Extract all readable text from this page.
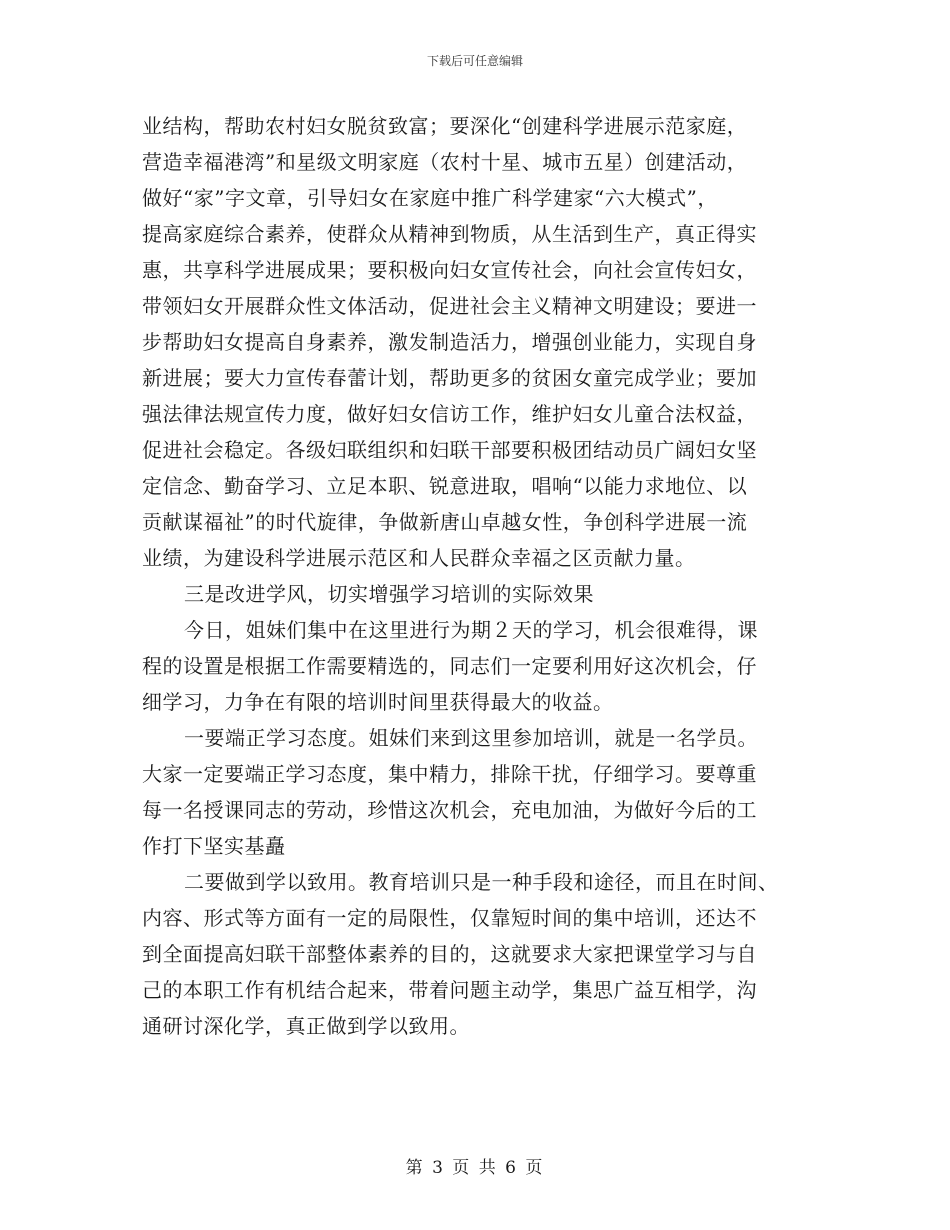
下载后可任意编辑
业结构，帮助农村妇女脱贫致富；要深化“创建科学进展示范家庭，
营造幸福港湾”和星级文明家庭（农村十星、城市五星）创建活动，
做好“家”字文章，引导妇女在家庭中推广科学建家“六大模式”，
提高家庭综合素养，使群众从精神到物质，从生活到生产，真正得实
惠，共享科学进展成果；要积极向妇女宣传社会，向社会宣传妇女，
带领妇女开展群众性文体活动，促进社会主义精神文明建设；要进一
步帮助妇女提高自身素养，激发制造活力，增强创业能力，实现自身
新进展；要大力宣传春蕾计划，帮助更多的贫困女童完成学业；要加
强法律法规宣传力度，做好妇女信访工作，维护妇女儿童合法权益，
促进社会稳定。各级妇联组织和妇联干部要积极团结动员广阔妇女坚
定信念、勤奋学习、立足本职、锐意进取，唱响“以能力求地位、以
贡献谋福祉”的时代旋律，争做新唐山卓越女性，争创科学进展一流
业绩，为建设科学进展示范区和人民群众幸福之区贡献力量。
三是改进学风，切实增强学习培训的实际效果
今日，姐妹们集中在这里进行为期２天的学习，机会很难得，课
程的设置是根据工作需要精选的，同志们一定要利用好这次机会，仔
细学习，力争在有限的培训时间里获得最大的收益。
一要端正学习态度。姐妹们来到这里参加培训，就是一名学员。
大家一定要端正学习态度，集中精力，排除干扰，仔细学习。要尊重
每一名授课同志的劳动，珍惜这次机会，充电加油，为做好今后的工
作打下坚实基矗
二要做到学以致用。教育培训只是一种手段和途径，而且在时间、
内容、形式等方面有一定的局限性，仅靠短时间的集中培训，还达不
到全面提高妇联干部整体素养的目的，这就要求大家把课堂学习与自
己的本职工作有机结合起来，带着问题主动学，集思广益互相学，沟
通研讨深化学，真正做到学以致用。
第 3 页 共 6 页
